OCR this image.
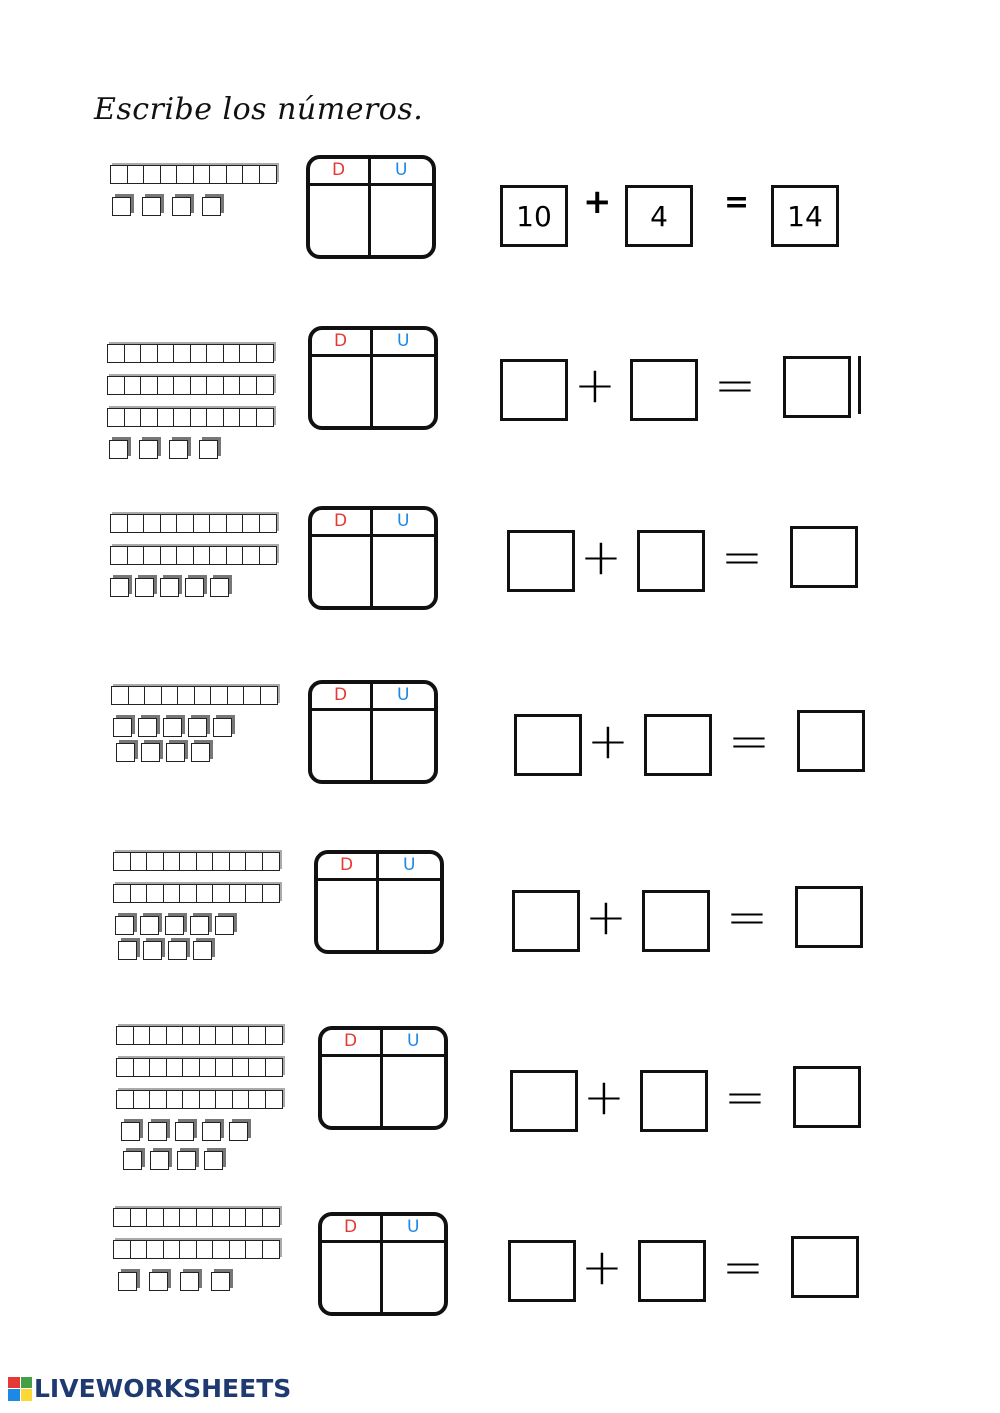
Escribe los números.
D	U
10 +	4	=	14
D	U
+ =
D	U
+ =
D	U
+ =
D	U
+ =
D	U
+ =
D	U
+ =
LIVEWORKSHEETS
